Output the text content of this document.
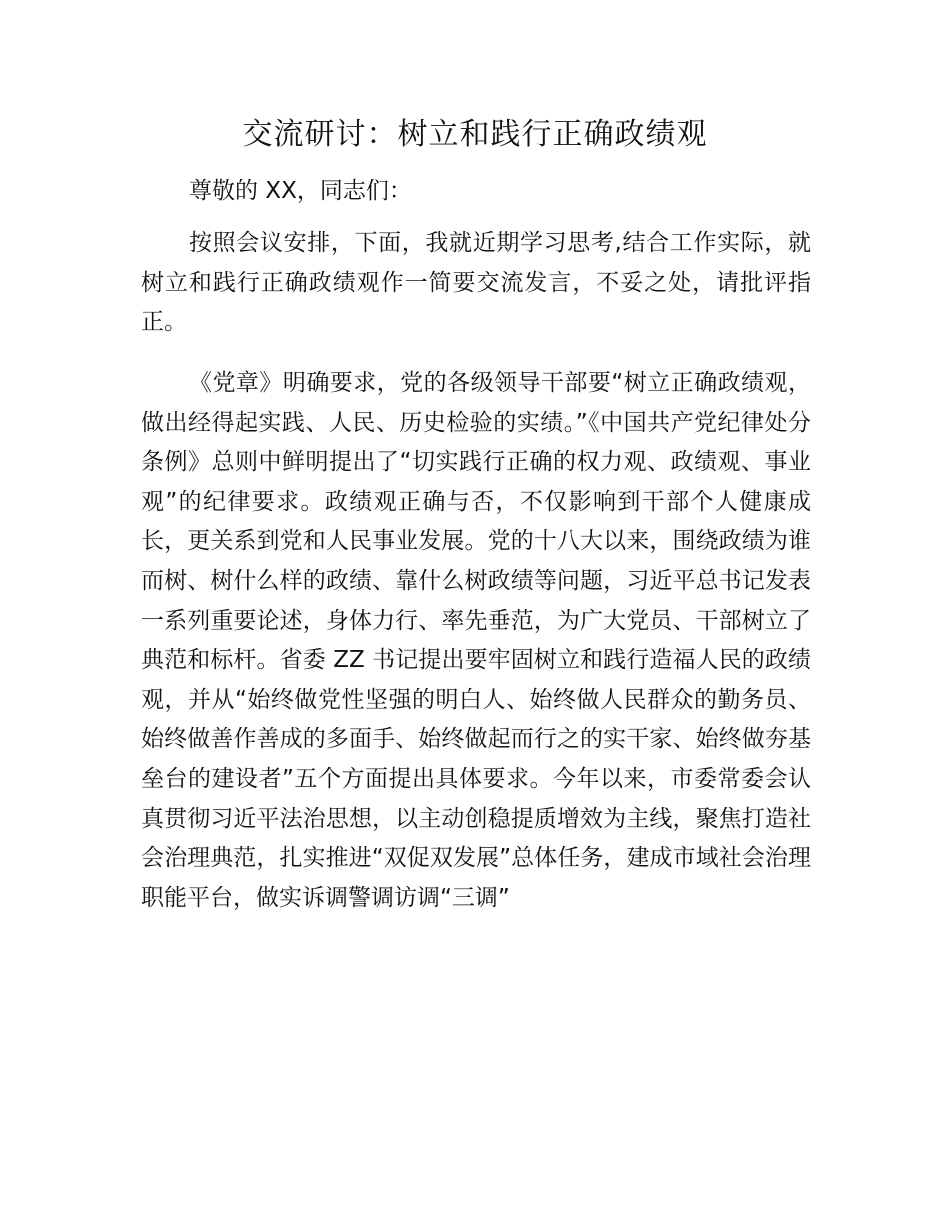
交流研讨：树立和践行正确政绩观

尊敬的 XX，同志们：

按照会议安排，下面，我就近期学习思考,结合工作实际，就树立和践行正确政绩观作一简要交流发言，不妥之处，请批评指正。

《党章》明确要求，党的各级领导干部要“树立正确政绩观，做出经得起实践、人民、历史检验的实绩。”《中国共产党纪律处分条例》总则中鲜明提出了“切实践行正确的权力观、政绩观、事业观”的纪律要求。政绩观正确与否，不仅影响到干部个人健康成长，更关系到党和人民事业发展。党的十八大以来，围绕政绩为谁而树、树什么样的政绩、靠什么树政绩等问题，习近平总书记发表一系列重要论述，身体力行、率先垂范，为广大党员、干部树立了典范和标杆。省委 ZZ 书记提出要牢固树立和践行造福人民的政绩观，并从“始终做党性坚强的明白人、始终做人民群众的勤务员、始终做善作善成的多面手、始终做起而行之的实干家、始终做夯基垒台的建设者”五个方面提出具体要求。今年以来，市委常委会认真贯彻习近平法治思想，以主动创稳提质增效为主线，聚焦打造社会治理典范，扎实推进“双促双发展”总体任务，建成市域社会治理职能平台，做实诉调警调访调“三调”
